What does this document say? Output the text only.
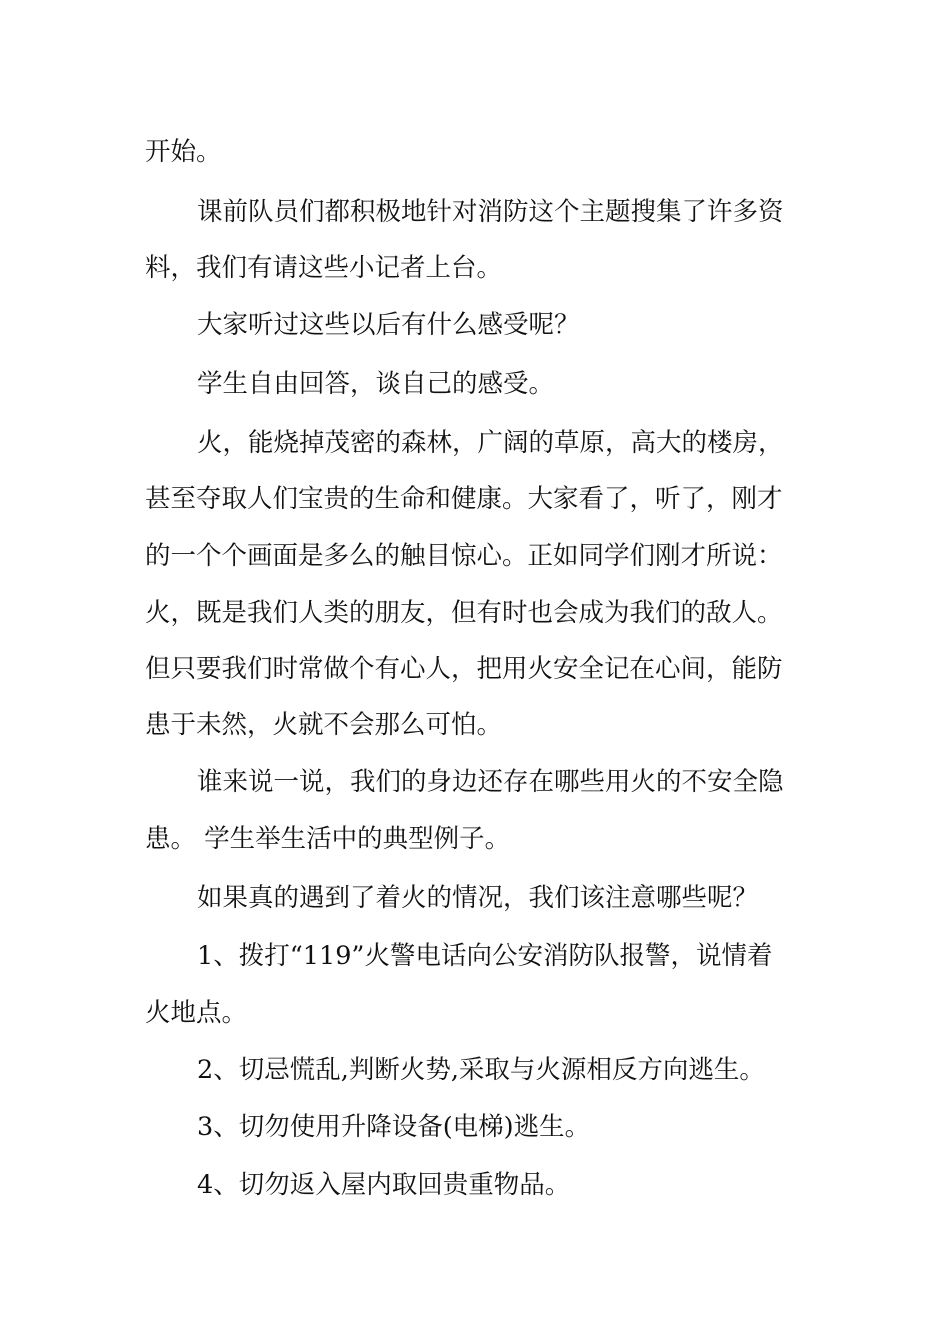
开始。

课前队员们都积极地针对消防这个主题搜集了许多资

料，我们有请这些小记者上台。

大家听过这些以后有什么感受呢？

学生自由回答，谈自己的感受。

火，能烧掉茂密的森林，广阔的草原，高大的楼房，

甚至夺取人们宝贵的生命和健康。大家看了，听了，刚才

的一个个画面是多么的触目惊心。正如同学们刚才所说：

火，既是我们人类的朋友，但有时也会成为我们的敌人。

但只要我们时常做个有心人，把用火安全记在心间，能防

患于未然，火就不会那么可怕。

谁来说一说，我们的身边还存在哪些用火的不安全隐

患。 学生举生活中的典型例子。

如果真的遇到了着火的情况，我们该注意哪些呢？

1、拨打“119”火警电话向公安消防队报警，说情着

火地点。

2、切忌慌乱,判断火势,采取与火源相反方向逃生。

3、切勿使用升降设备(电梯)逃生。

4、切勿返入屋内取回贵重物品。
